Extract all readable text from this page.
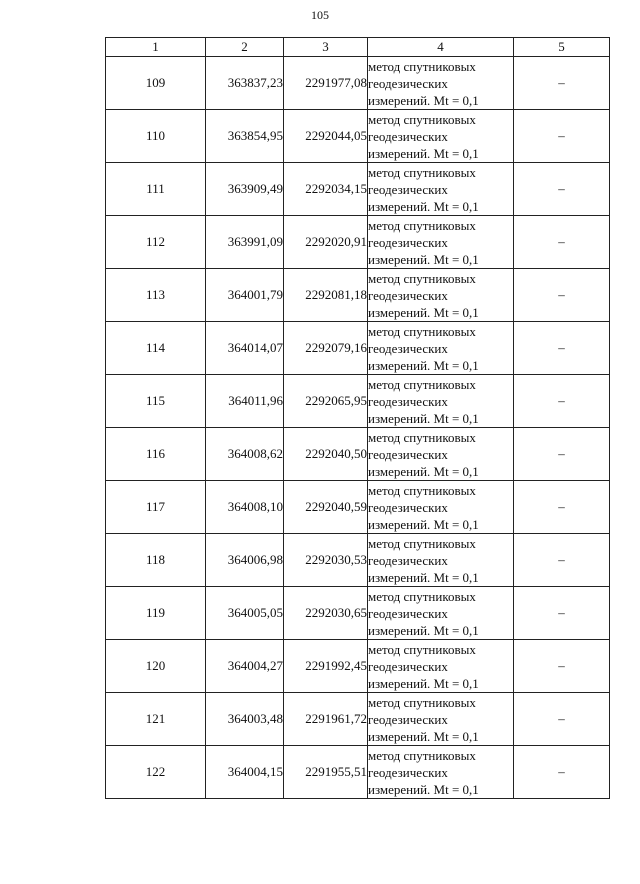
105
1	2	3	4	5
109	363837,23	2291977,08	метод спутниковых
геодезических
измерений. Mt = 0,1	–
110	363854,95	2292044,05	метод спутниковых
геодезических
измерений. Mt = 0,1	–
111	363909,49	2292034,15	метод спутниковых
геодезических
измерений. Mt = 0,1	–
112	363991,09	2292020,91	метод спутниковых
геодезических
измерений. Mt = 0,1	–
113	364001,79	2292081,18	метод спутниковых
геодезических
измерений. Mt = 0,1	–
114	364014,07	2292079,16	метод спутниковых
геодезических
измерений. Mt = 0,1	–
115	364011,96	2292065,95	метод спутниковых
геодезических
измерений. Mt = 0,1	–
116	364008,62	2292040,50	метод спутниковых
геодезических
измерений. Mt = 0,1	–
117	364008,10	2292040,59	метод спутниковых
геодезических
измерений. Mt = 0,1	–
118	364006,98	2292030,53	метод спутниковых
геодезических
измерений. Mt = 0,1	–
119	364005,05	2292030,65	метод спутниковых
геодезических
измерений. Mt = 0,1	–
120	364004,27	2291992,45	метод спутниковых
геодезических
измерений. Mt = 0,1	–
121	364003,48	2291961,72	метод спутниковых
геодезических
измерений. Mt = 0,1	–
122	364004,15	2291955,51	метод спутниковых
геодезических
измерений. Mt = 0,1	–
